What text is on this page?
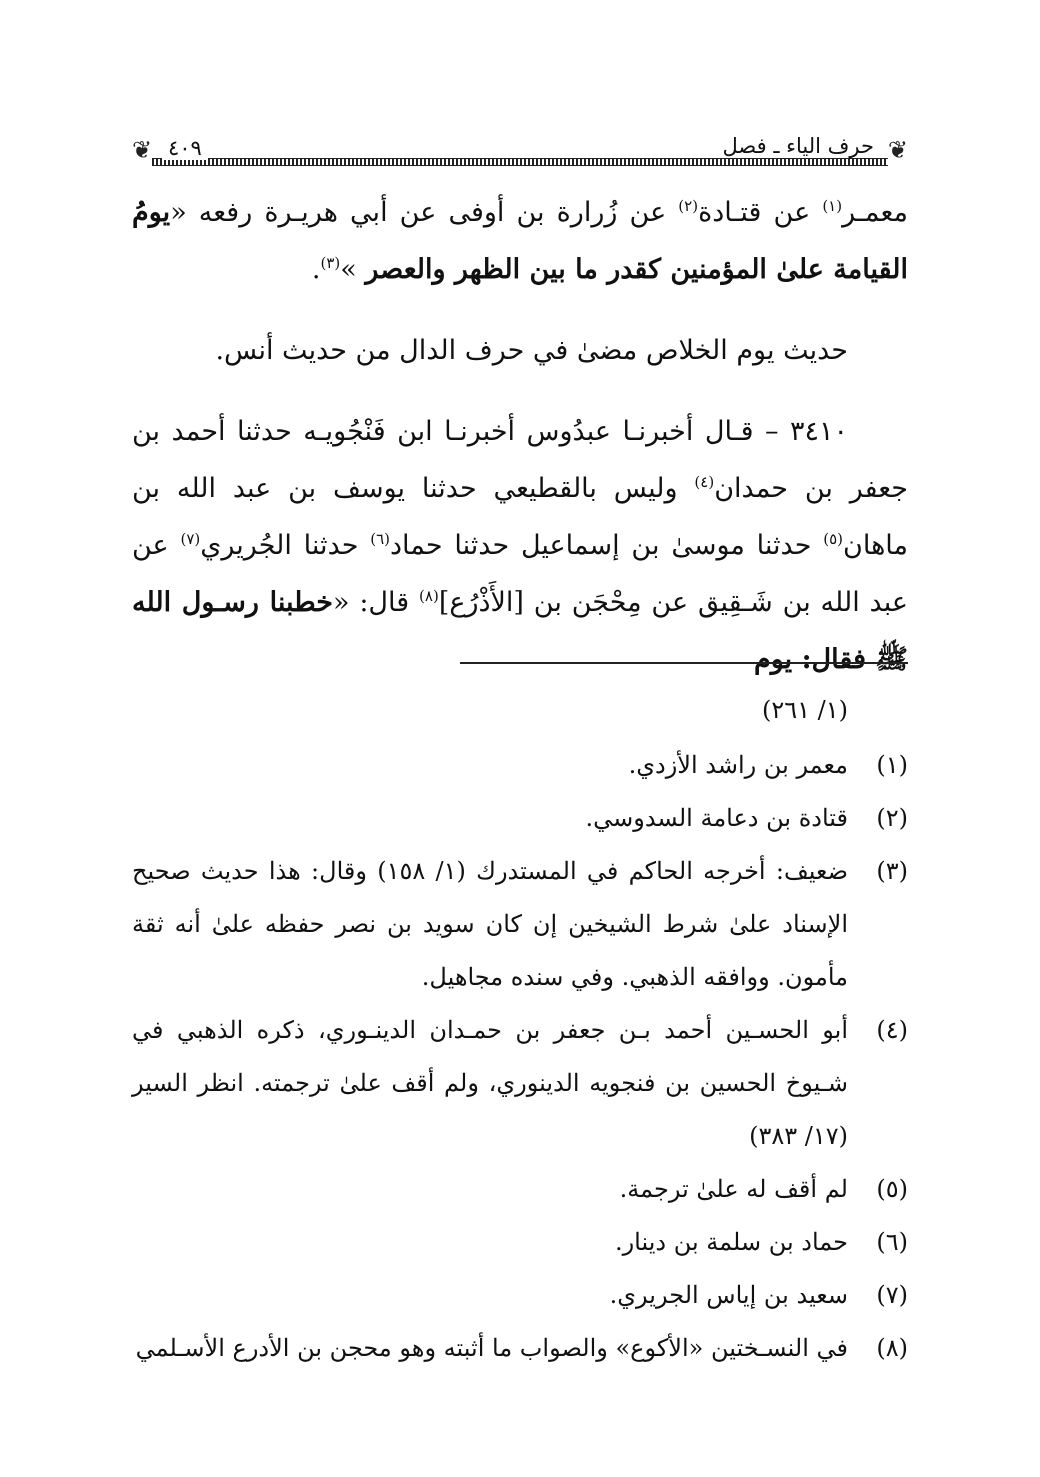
❦	❦
٤٠٩	حرف الياء ـ فصل

معمـر$^{(١)}$ عن قتـادة$^{(٢)}$ عن زُرارة بن أوفى عن أبي هريـرة رفعه «يومُ القيامة علىٰ المؤمنين كقدر ما بين الظهر والعصر »$^{(٣)}$.

حديث يوم الخلاص مضىٰ في حرف الدال من حديث أنس.

٣٤١٠ – قـال أخبرنـا عبدُوس أخبرنـا ابن فَنْجُويـه حدثنا أحمد بن جعفر بن حمدان$^{(٤)}$ وليس بالقطيعي حدثنا يوسف بن عبد الله بن ماهان$^{(٥)}$ حدثنا موسىٰ بن إسماعيل حدثنا حماد$^{(٦)}$ حدثنا الجُريري$^{(٧)}$ عن عبد الله بن شَـقِيق عن مِحْجَن بن [الأَذْرُع]$^{(٨)}$ قال: «خطبنا رسـول الله ﷺ فقال: يوم

(١/ ٢٦١)
(١)
معمر بن راشد الأزدي.
(٢)
قتادة بن دعامة السدوسي.
(٣)
ضعيف: أخرجه الحاكم في المستدرك (١/ ١٥٨) وقال: هذا حديث صحيح الإسناد علىٰ شرط الشيخين إن كان سويد بن نصر حفظه علىٰ أنه ثقة مأمون. ووافقه الذهبي. وفي سنده مجاهيل.
(٤)
أبو الحسـين أحمد بـن جعفر بن حمـدان الدينـوري، ذكره الذهبي في شـيوخ الحسين بن فنجويه الدينوري، ولم أقف علىٰ ترجمته. انظر السير (١٧/ ٣٨٣)
(٥)
لم أقف له علىٰ ترجمة.
(٦)
حماد بن سلمة بن دينار.
(٧)
سعيد بن إياس الجريري.
(٨)
في النسـختين «الأكوع» والصواب ما أثبته وهو محجن بن الأدرع الأسـلمي
